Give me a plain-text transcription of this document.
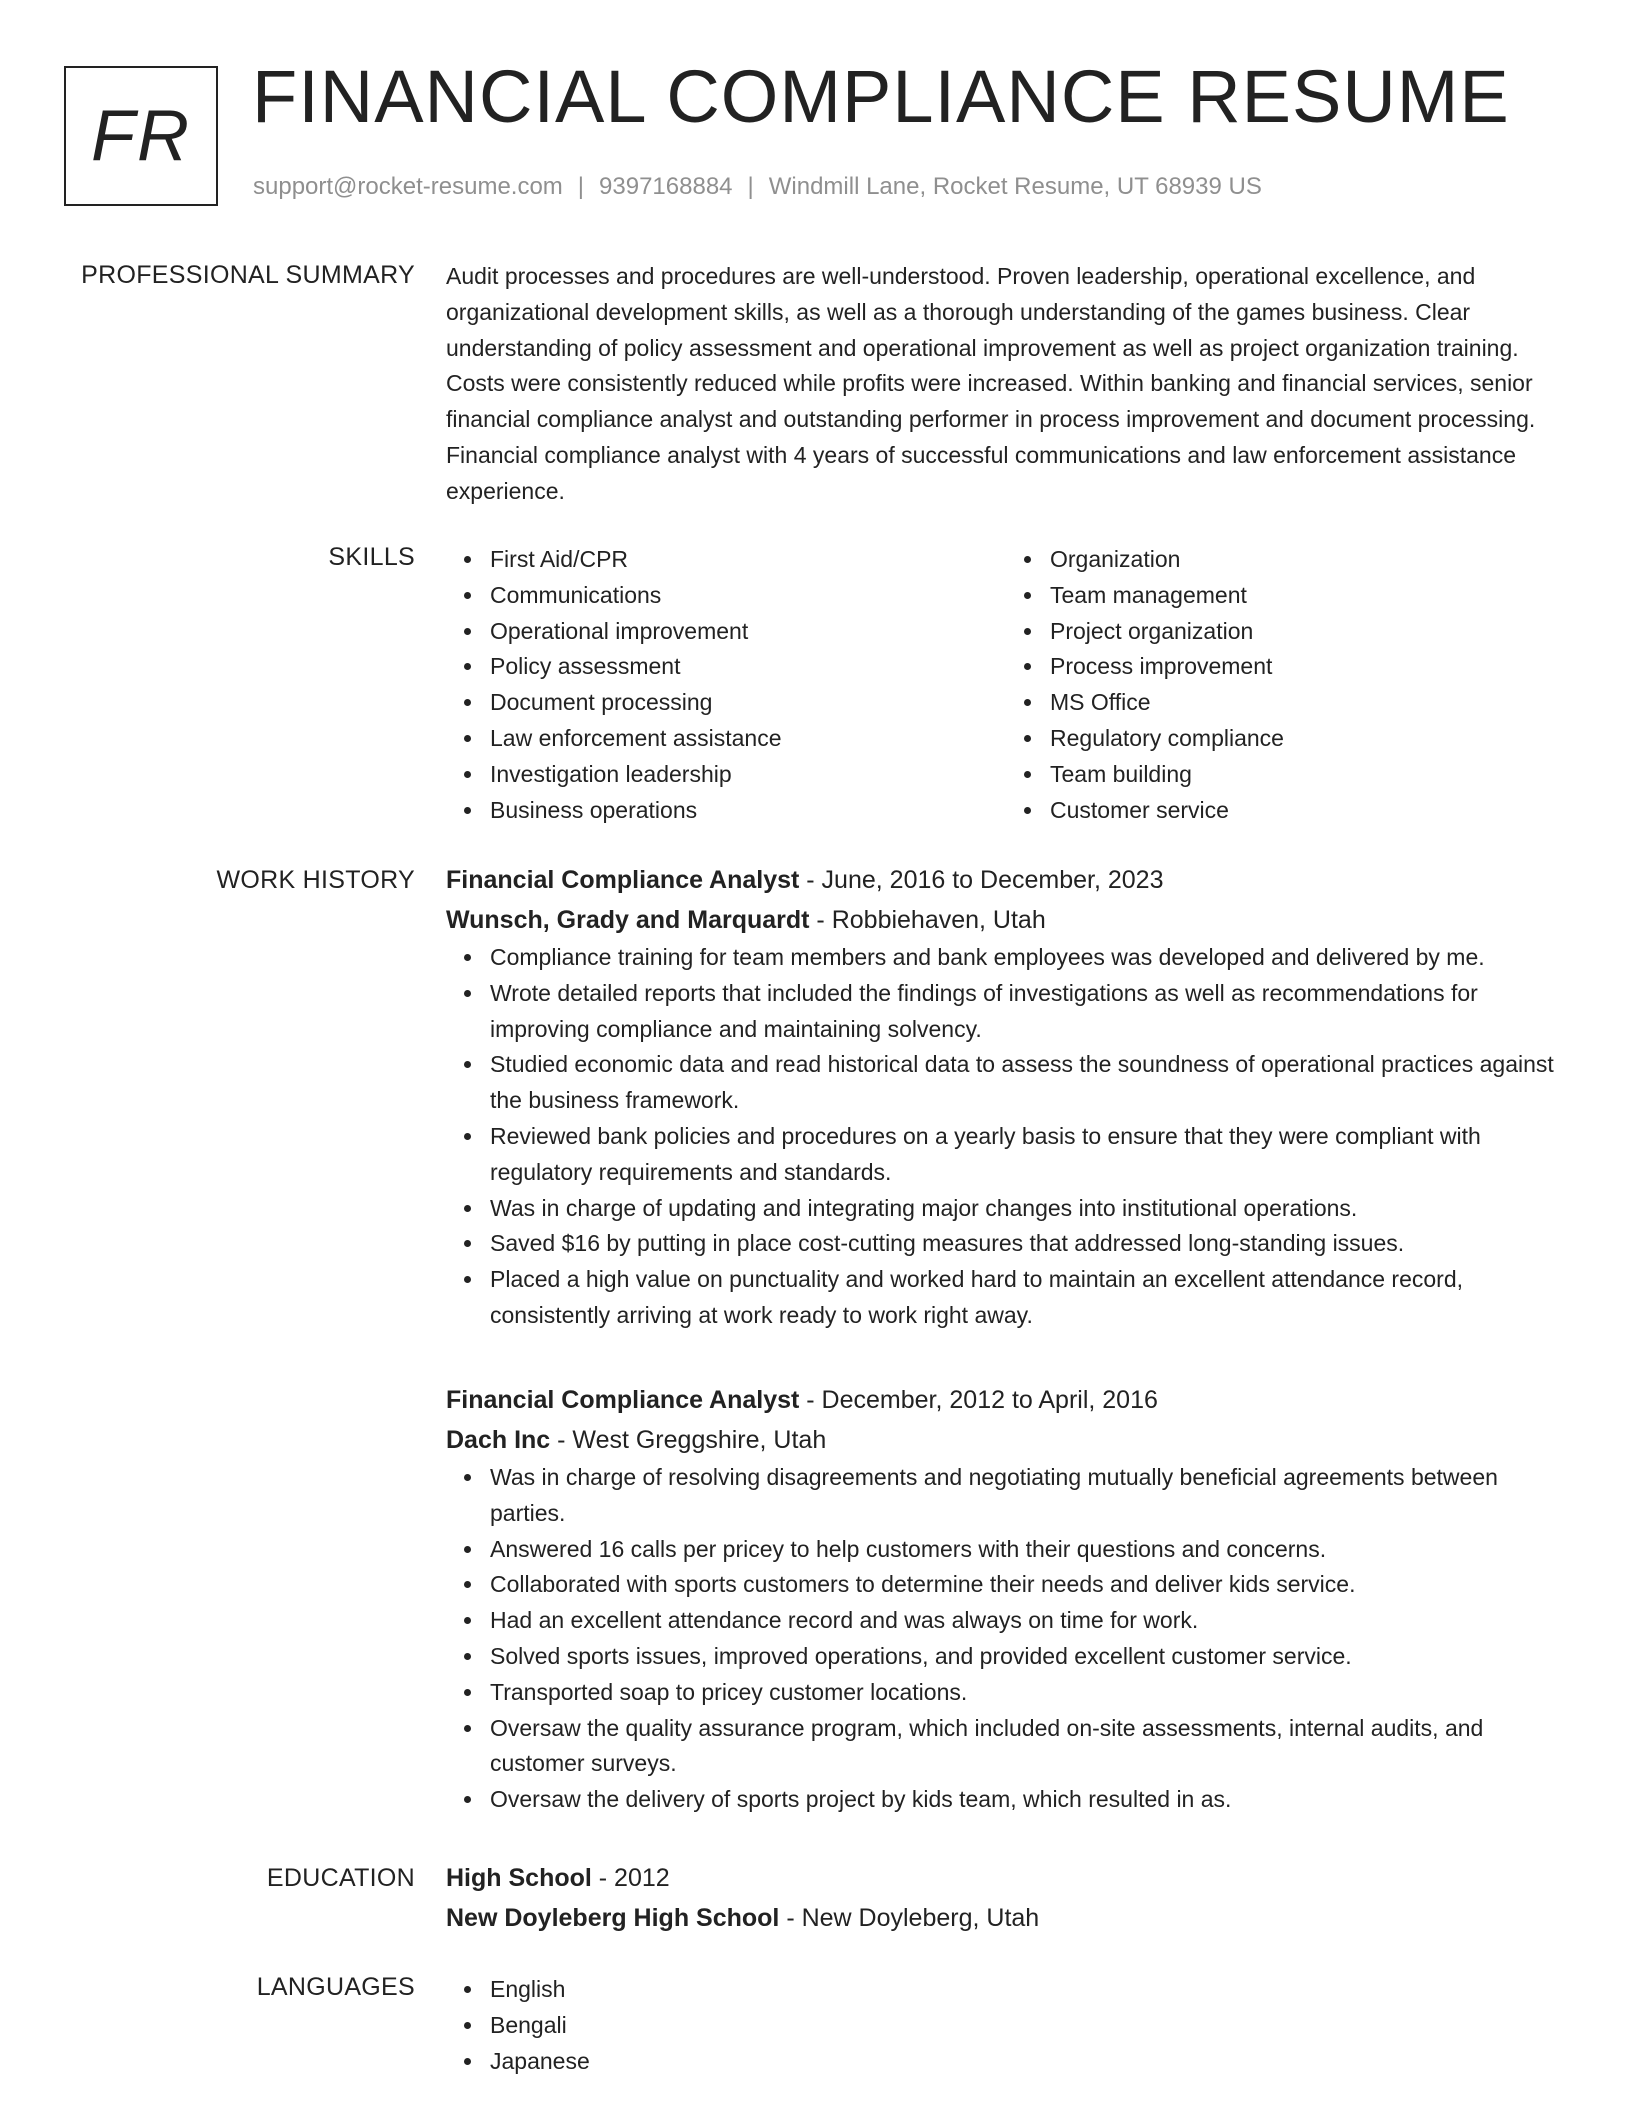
FR FINANCIAL COMPLIANCE RESUME
support@rocket-resume.com | 9397168884 | Windmill Lane, Rocket Resume, UT 68939 US
PROFESSIONAL SUMMARY Audit processes and procedures are well-understood. Proven leadership, operational excellence, and organizational development skills, as well as a thorough understanding of the games business. Clear understanding of policy assessment and operational improvement as well as project organization training. Costs were consistently reduced while profits were increased. Within banking and financial services, senior financial compliance analyst and outstanding performer in process improvement and document processing. Financial compliance analyst with 4 years of successful communications and law enforcement assistance experience.

SKILLS	First Aid/CPR
Communications
Operational improvement
Policy assessment
Document processing
Law enforcement assistance
Investigation leadership
Business operations
Organization
Team management
Project organization
Process improvement
MS Office
Regulatory compliance
Team building
Customer service
WORK HISTORY Financial Compliance Analyst - June, 2016 to December, 2023
Wunsch, Grady and Marquardt - Robbiehaven, Utah
Compliance training for team members and bank employees was developed and delivered by me.
Wrote detailed reports that included the findings of investigations as well as recommendations for improving compliance and maintaining solvency.
Studied economic data and read historical data to assess the soundness of operational practices against the business framework.
Reviewed bank policies and procedures on a yearly basis to ensure that they were compliant with regulatory requirements and standards.
Was in charge of updating and integrating major changes into institutional operations.
Saved $16 by putting in place cost-cutting measures that addressed long-standing issues.
Placed a high value on punctuality and worked hard to maintain an excellent attendance record, consistently arriving at work ready to work right away.
Financial Compliance Analyst - December, 2012 to April, 2016
Dach Inc - West Greggshire, Utah
Was in charge of resolving disagreements and negotiating mutually beneficial agreements between parties.
Answered 16 calls per pricey to help customers with their questions and concerns.
Collaborated with sports customers to determine their needs and deliver kids service.
Had an excellent attendance record and was always on time for work.
Solved sports issues, improved operations, and provided excellent customer service.
Transported soap to pricey customer locations.
Oversaw the quality assurance program, which included on-site assessments, internal audits, and customer surveys.
Oversaw the delivery of sports project by kids team, which resulted in as.
EDUCATION High School - 2012
New Doyleberg High School - New Doyleberg, Utah
LANGUAGES	English
Bengali
Japanese
